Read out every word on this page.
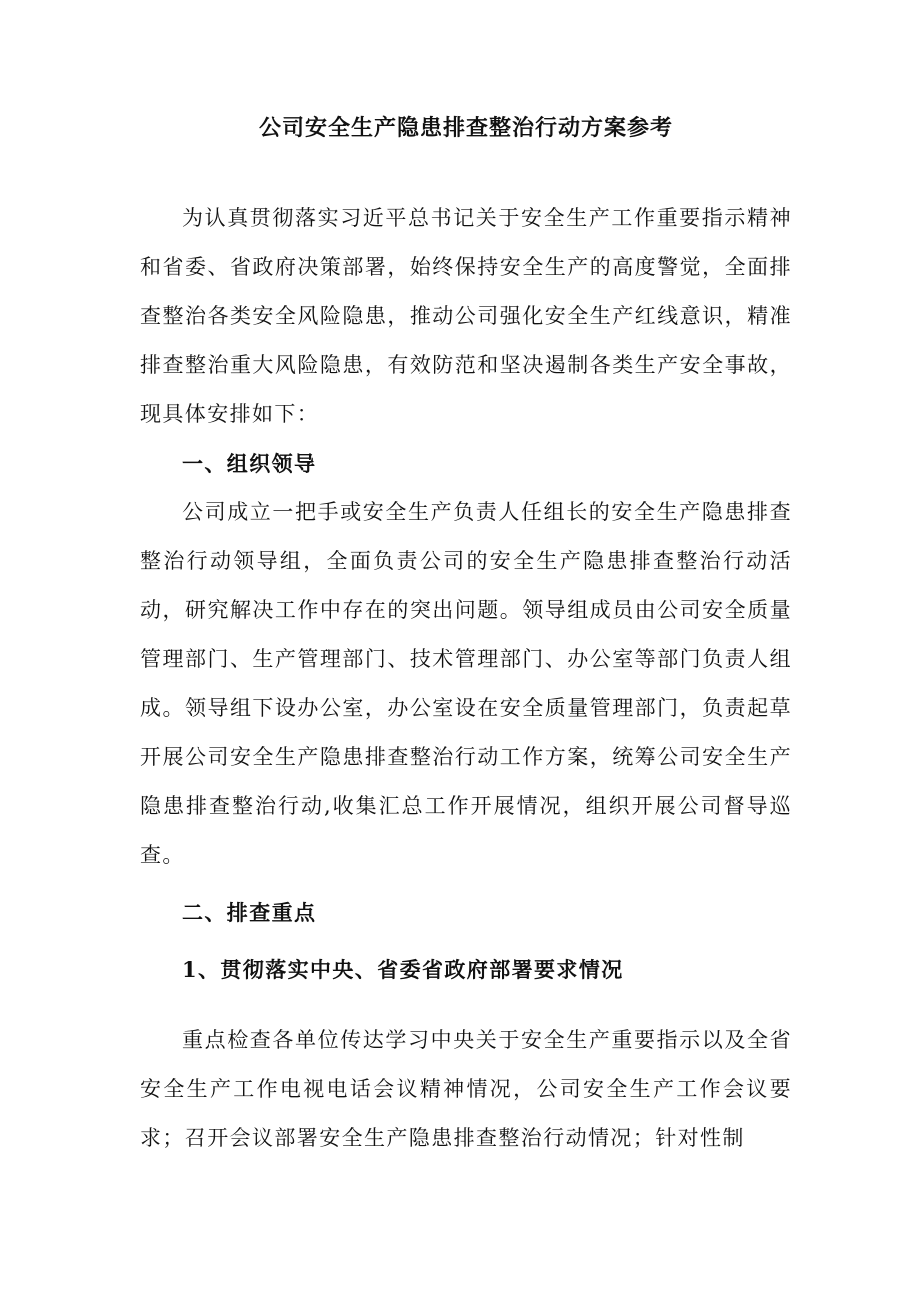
公司安全生产隐患排查整治行动方案参考

为认真贯彻落实习近平总书记关于安全生产工作重要指示精神和省委、省政府决策部署，始终保持安全生产的高度警觉，全面排查整治各类安全风险隐患，推动公司强化安全生产红线意识，精准排查整治重大风险隐患，有效防范和坚决遏制各类生产安全事故，现具体安排如下：

一、组织领导

公司成立一把手或安全生产负责人任组长的安全生产隐患排查整治行动领导组，全面负责公司的安全生产隐患排查整治行动活动，研究解决工作中存在的突出问题。领导组成员由公司安全质量管理部门、生产管理部门、技术管理部门、办公室等部门负责人组成。领导组下设办公室，办公室设在安全质量管理部门，负责起草开展公司安全生产隐患排查整治行动工作方案，统筹公司安全生产隐患排查整治行动,收集汇总工作开展情况，组织开展公司督导巡查。

二、排查重点

1、贯彻落实中央、省委省政府部署要求情况

重点检查各单位传达学习中央关于安全生产重要指示以及全省安全生产工作电视电话会议精神情况，公司安全生产工作会议要求；召开会议部署安全生产隐患排查整治行动情况；针对性制
